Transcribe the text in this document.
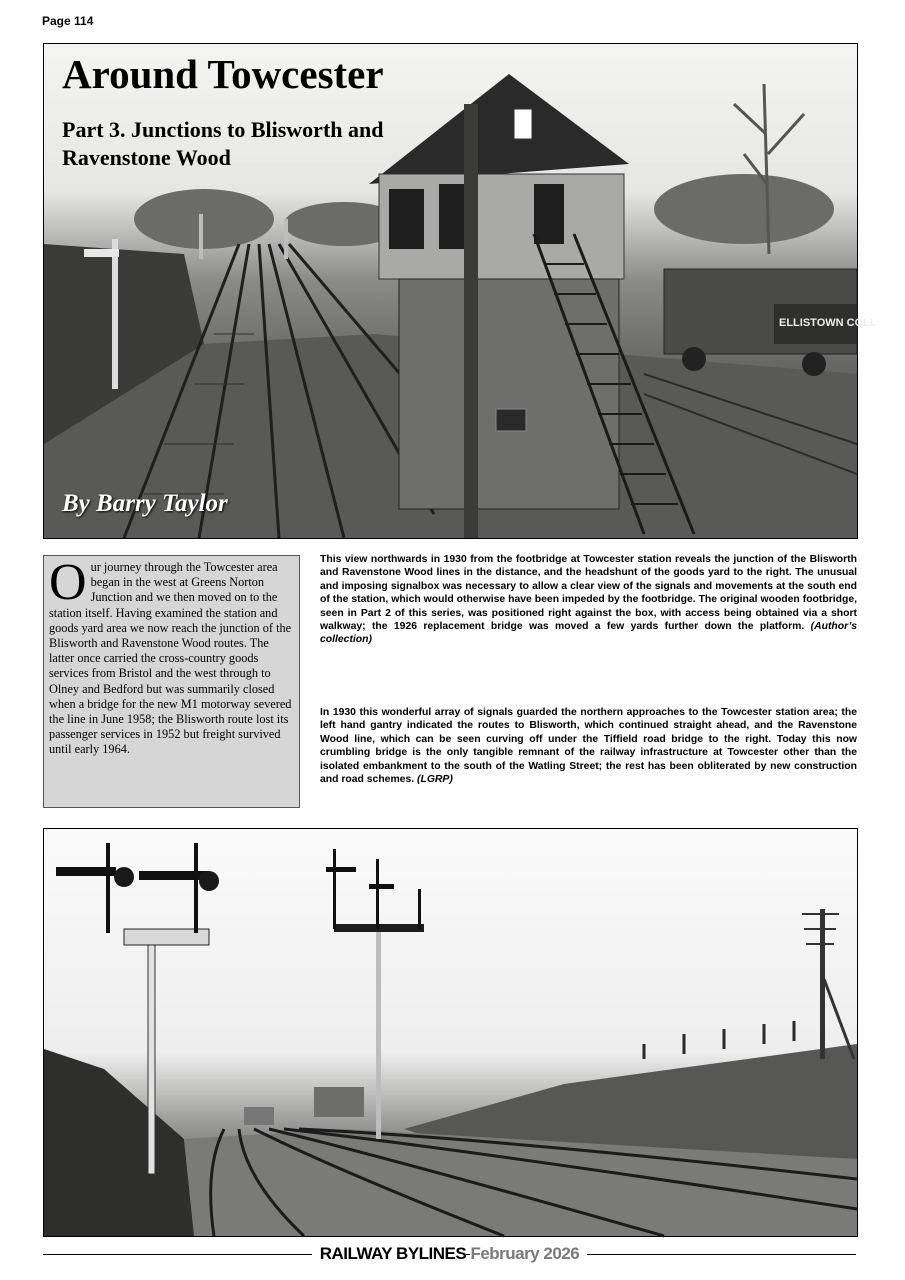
Page 114
ELLISTOWN COLL
Around Towcester
Part 3. Junctions to Blisworth and Ravenstone Wood
By Barry Taylor
Our journey through the Towcester area began in the west at Greens Norton Junction and we then moved on to the station itself. Having examined the station and goods yard area we now reach the junction of the Blisworth and Ravenstone Wood routes. The latter once carried the cross-country goods services from Bristol and the west through to Olney and Bedford but was summarily closed when a bridge for the new M1 motorway severed the line in June 1958; the Blisworth route lost its passenger services in 1952 but freight survived until early 1964.
This view northwards in 1930 from the footbridge at Towcester station reveals the junction of the Blisworth and Ravenstone Wood lines in the distance, and the headshunt of the goods yard to the right. The unusual and imposing signalbox was necessary to allow a clear view of the signals and movements at the south end of the station, which would otherwise have been impeded by the footbridge. The original wooden footbridge, seen in Part 2 of this series, was positioned right against the box, with access being obtained via a short walkway; the 1926 replacement bridge was moved a few yards further down the platform. (Author’s collection)
In 1930 this wonderful array of signals guarded the northern approaches to the Towcester station area; the left hand gantry indicated the routes to Blisworth, which continued straight ahead, and the Ravenstone Wood line, which can be seen curving off under the Tiffield road bridge to the right. Today this now crumbling bridge is the only tangible remnant of the railway infrastructure at Towcester other than the isolated embankment to the south of the Watling Street; the rest has been obliterated by new construction and road schemes. (LGRP)
RAILWAY BYLINES February 2026
